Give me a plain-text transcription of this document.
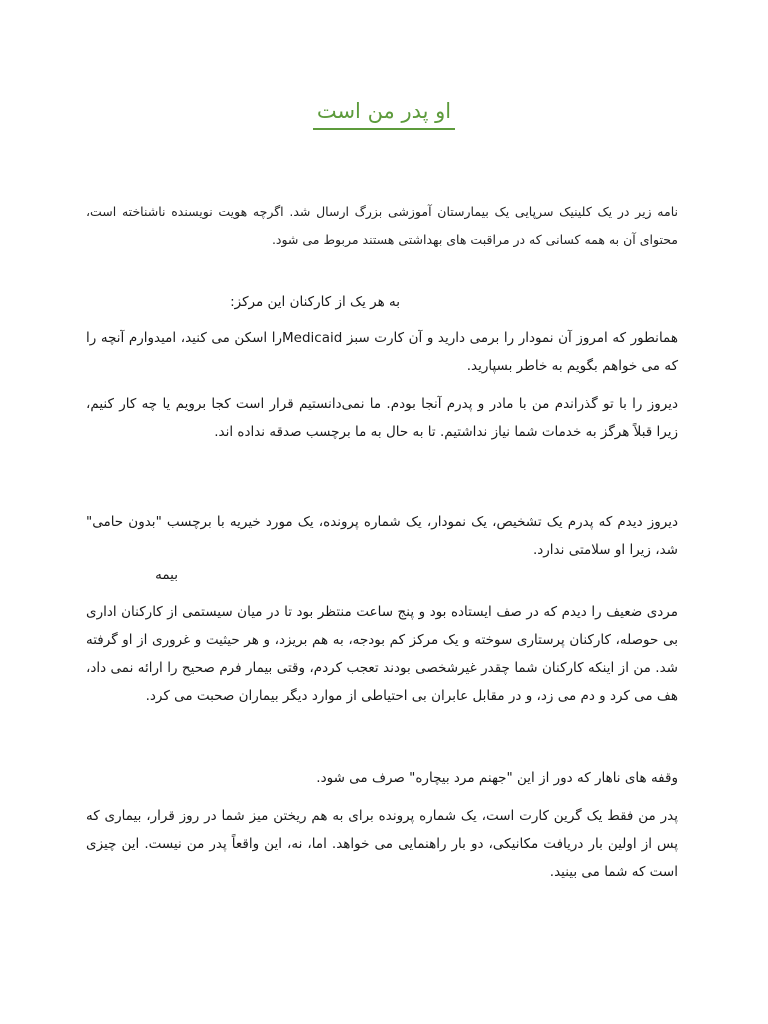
او پدر من است
نامه زیر در یک کلینیک سرپایی یک بیمارستان آموزشی بزرگ ارسال شد. اگرچه هویت نویسنده ناشناخته است، محتوای آن به همه کسانی که در مراقبت های بهداشتی هستند مربوط می شود.
به هر یک از کارکنان این مرکز:
همانطور که امروز آن نمودار را برمی دارید و آن کارت سبز Medicaidرا اسکن می کنید، امیدوارم آنچه را که می خواهم بگویم به خاطر بسپارید.
دیروز را با تو گذراندم من با مادر و پدرم آنجا بودم. ما نمی‌دانستیم قرار است کجا برویم یا چه کار کنیم، زیرا قبلاً هرگز به خدمات شما نیاز نداشتیم. تا به حال به ما برچسب صدقه نداده اند.
دیروز دیدم که پدرم یک تشخیص، یک نمودار، یک شماره پرونده، یک مورد خیریه با برچسب "بدون حامی" شد، زیرا او سلامتی ندارد.
بیمه
مردی ضعیف را دیدم که در صف ایستاده بود و پنج ساعت منتظر بود تا در میان سیستمی از کارکنان اداری بی حوصله، کارکنان پرستاری سوخته و یک مرکز کم بودجه، به هم بریزد، و هر حیثیت و غروری از او گرفته شد. من از اینکه کارکنان شما چقدر غیرشخصی بودند تعجب کردم، وقتی بیمار فرم صحیح را ارائه نمی داد، هف می کرد و دم می زد، و در مقابل عابران بی احتیاطی از موارد دیگر بیماران صحبت می کرد.
وقفه های ناهار که دور از این "جهنم مرد بیچاره" صرف می شود.
پدر من فقط یک گرین کارت است، یک شماره پرونده برای به هم ریختن میز شما در روز قرار، بیماری که پس از اولین بار دریافت مکانیکی، دو بار راهنمایی می خواهد. اما، نه، این واقعاً پدر من نیست. این چیزی است که شما می بینید.
